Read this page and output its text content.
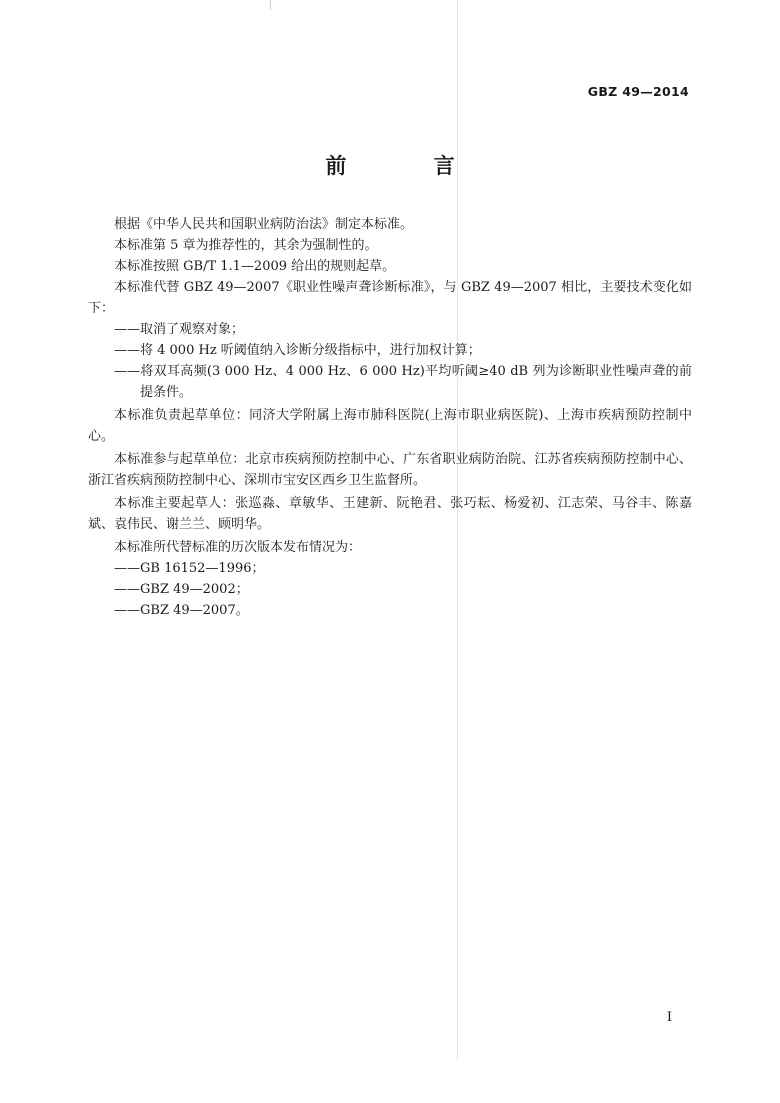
GBZ 49—2014
前 言

根据《中华人民共和国职业病防治法》制定本标准。

本标准第 5 章为推荐性的，其余为强制性的。

本标准按照 GB/T 1.1—2009 给出的规则起草。

本标准代替 GBZ 49—2007《职业性噪声聋诊断标准》，与 GBZ 49—2007 相比，主要技术变化如下：

——取消了观察对象；

——将 4 000 Hz 听阈值纳入诊断分级指标中，进行加权计算；

——将双耳高频(3 000 Hz、4 000 Hz、6 000 Hz)平均听阈≥40 dB 列为诊断职业性噪声聋的前提条件。

本标准负责起草单位：同济大学附属上海市肺科医院(上海市职业病医院)、上海市疾病预防控制中心。

本标准参与起草单位：北京市疾病预防控制中心、广东省职业病防治院、江苏省疾病预防控制中心、浙江省疾病预防控制中心、深圳市宝安区西乡卫生监督所。

本标准主要起草人：张巡淼、章敏华、王建新、阮艳君、张巧耘、杨爱初、江志荣、马谷丰、陈嘉斌、袁伟民、谢兰兰、顾明华。

本标准所代替标准的历次版本发布情况为：

——GB 16152—1996；

——GBZ 49—2002；

——GBZ 49—2007。

I
